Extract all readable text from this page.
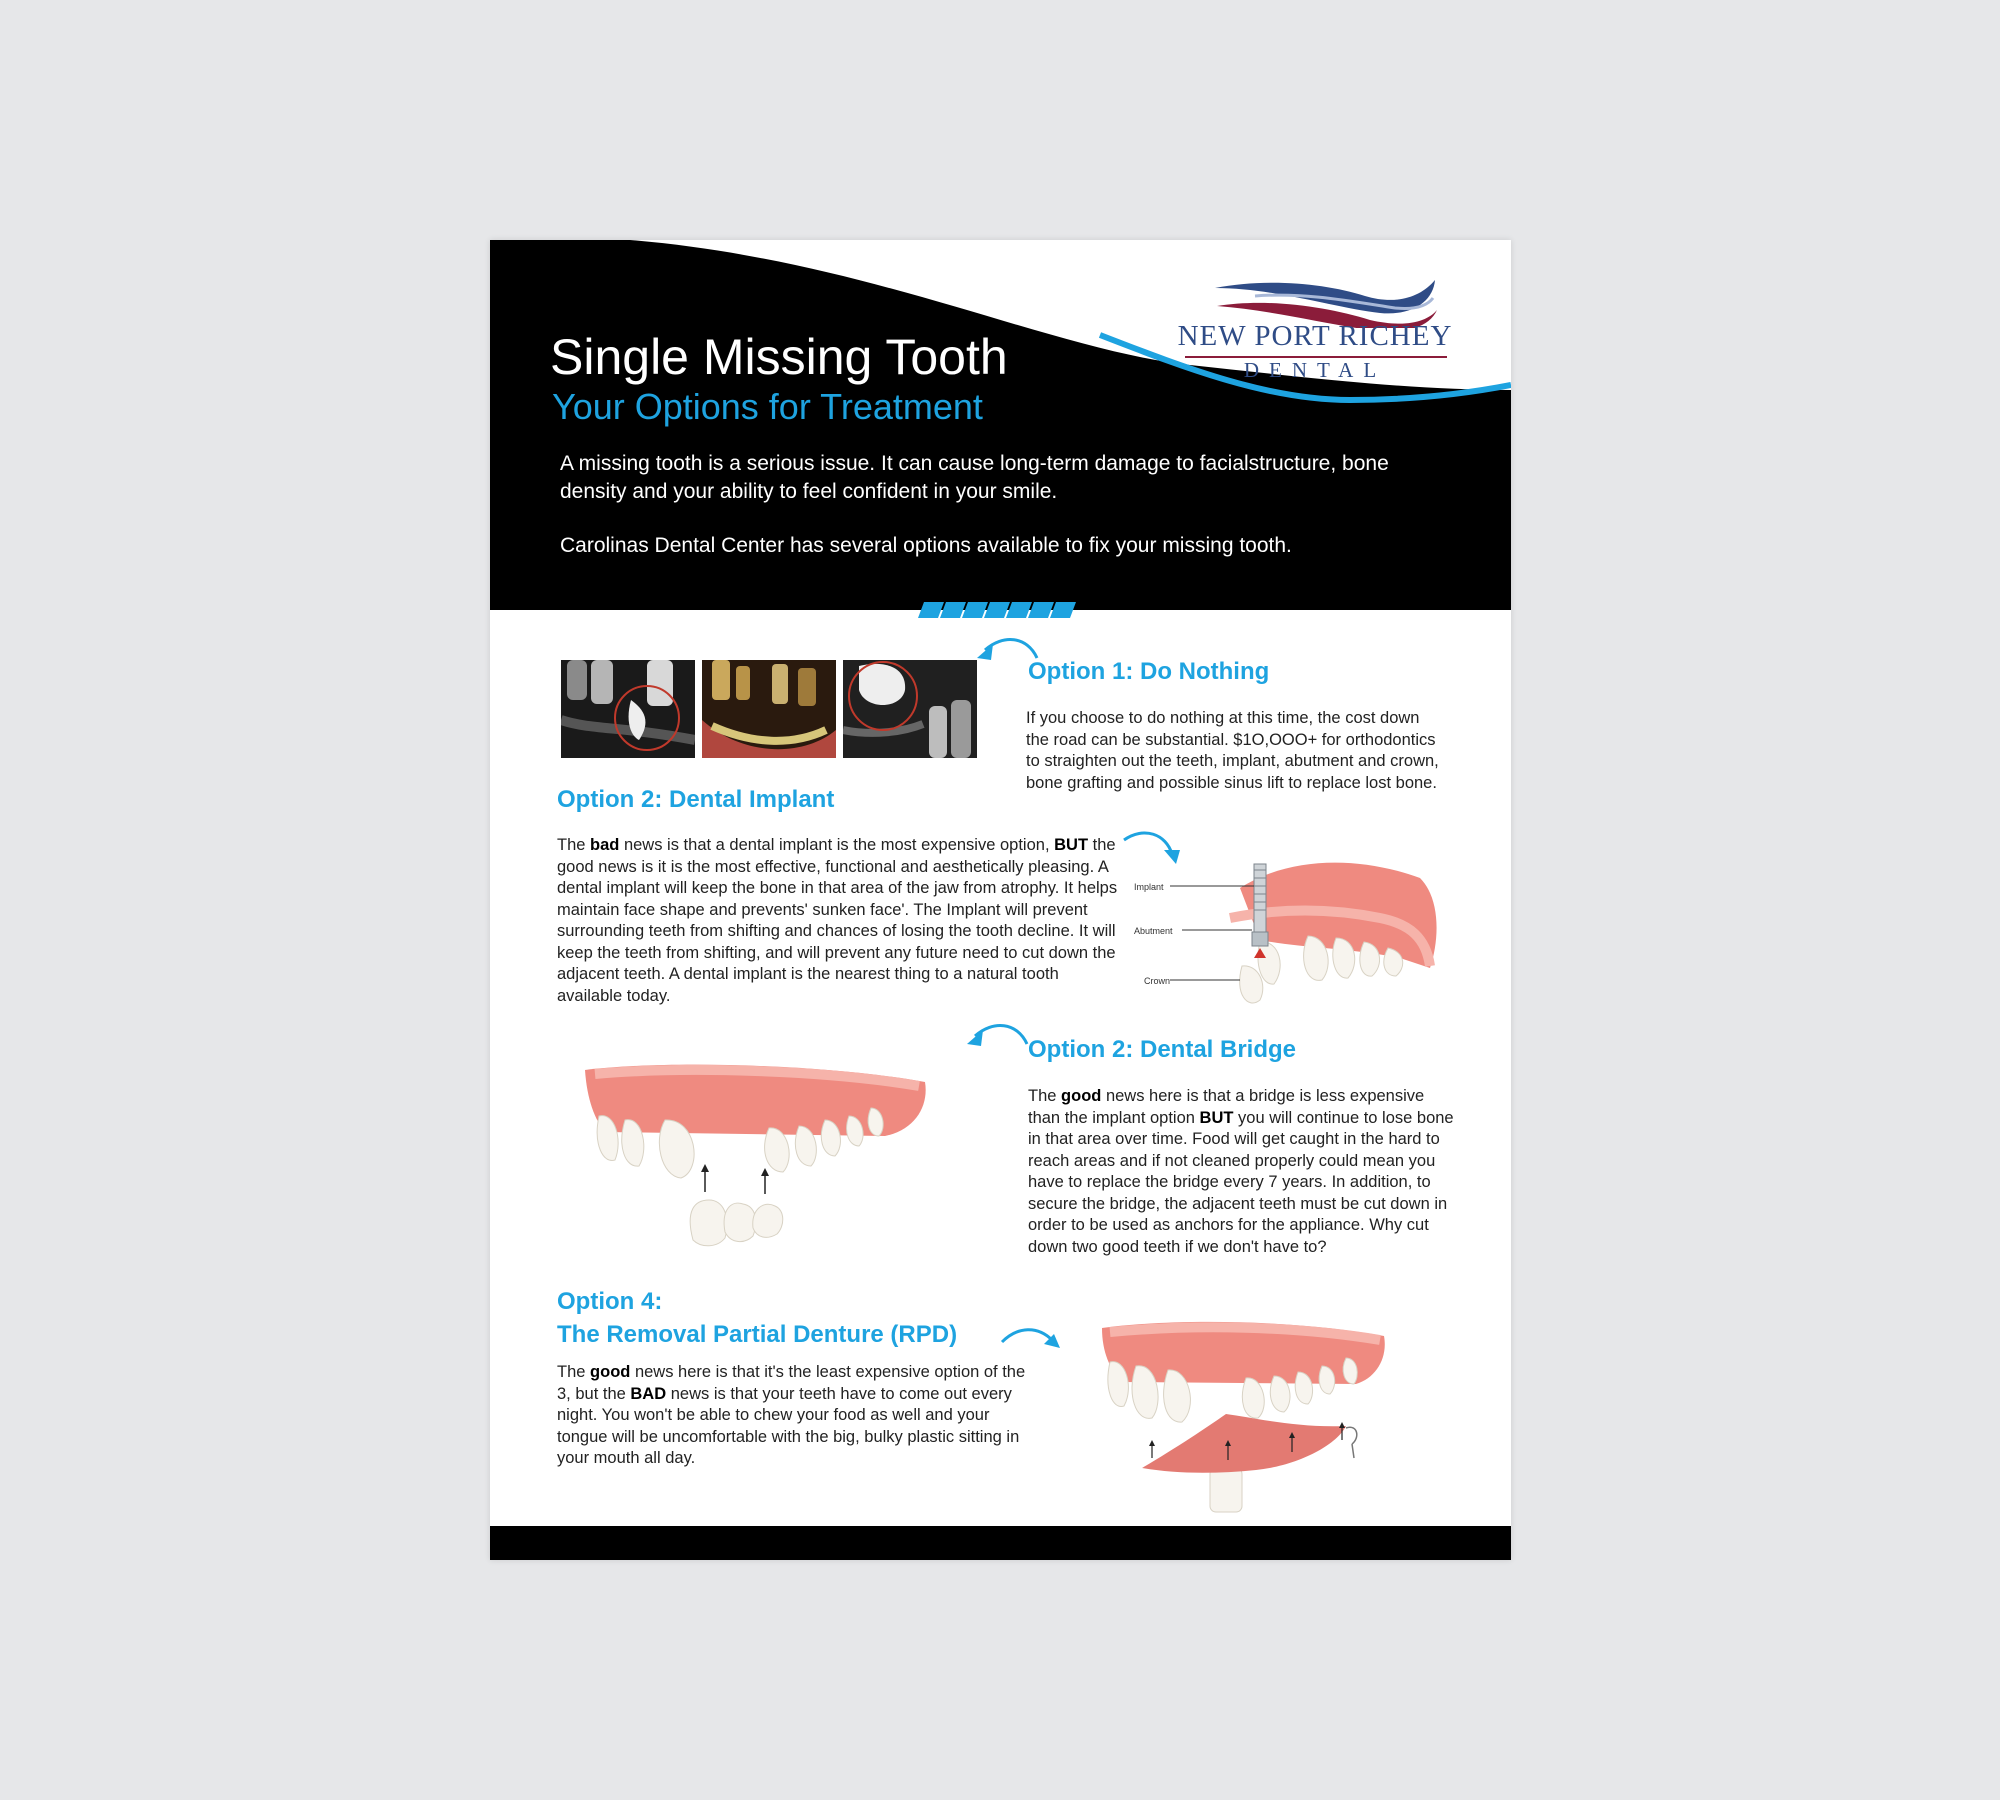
NEW PORT RICHEY
DENTAL
Single Missing Tooth
Your Options for Treatment

A missing tooth is a serious issue. It can cause long-term damage to facialstructure, bone density and your ability to feel confident in your smile.

Carolinas Dental Center has several options available to fix your missing tooth.

Option 1: Do Nothing

If you choose to do nothing at this time, the cost down the road can be substantial. $1O,OOO+ for orthodontics to straighten out the teeth, implant, abutment and crown, bone grafting and possible sinus lift to replace lost bone.

Option 2: Dental Implant

The bad news is that a dental implant is the most expensive option, BUT the good news is it is the most effective, functional and aesthetically pleasing. A dental implant will keep the bone in that area of the jaw from atrophy. It helps maintain face shape and prevents' sunken face'. The Implant will prevent surrounding teeth from shifting and chances of losing the tooth decline. It will keep the teeth from shifting, and will prevent any future need to cut down the adjacent teeth. A dental implant is the nearest thing to a natural tooth available today.

Implant
Abutment
Crown
Option 2: Dental Bridge

The good news here is that a bridge is less expensive than the implant option BUT you will continue to lose bone in that area over time. Food will get caught in the hard to reach areas and if not cleaned properly could mean you have to replace the bridge every 7 years. In addition, to secure the bridge, the adjacent teeth must be cut down in order to be used as anchors for the appliance. Why cut down two good teeth if we don't have to?

Option 4:
The Removal Partial Denture (RPD)

The good news here is that it's the least expensive option of the 3, but the BAD news is that your teeth have to come out every night. You won't be able to chew your food as well and your tongue will be uncomfortable with the big, bulky plastic sitting in your mouth all day.
